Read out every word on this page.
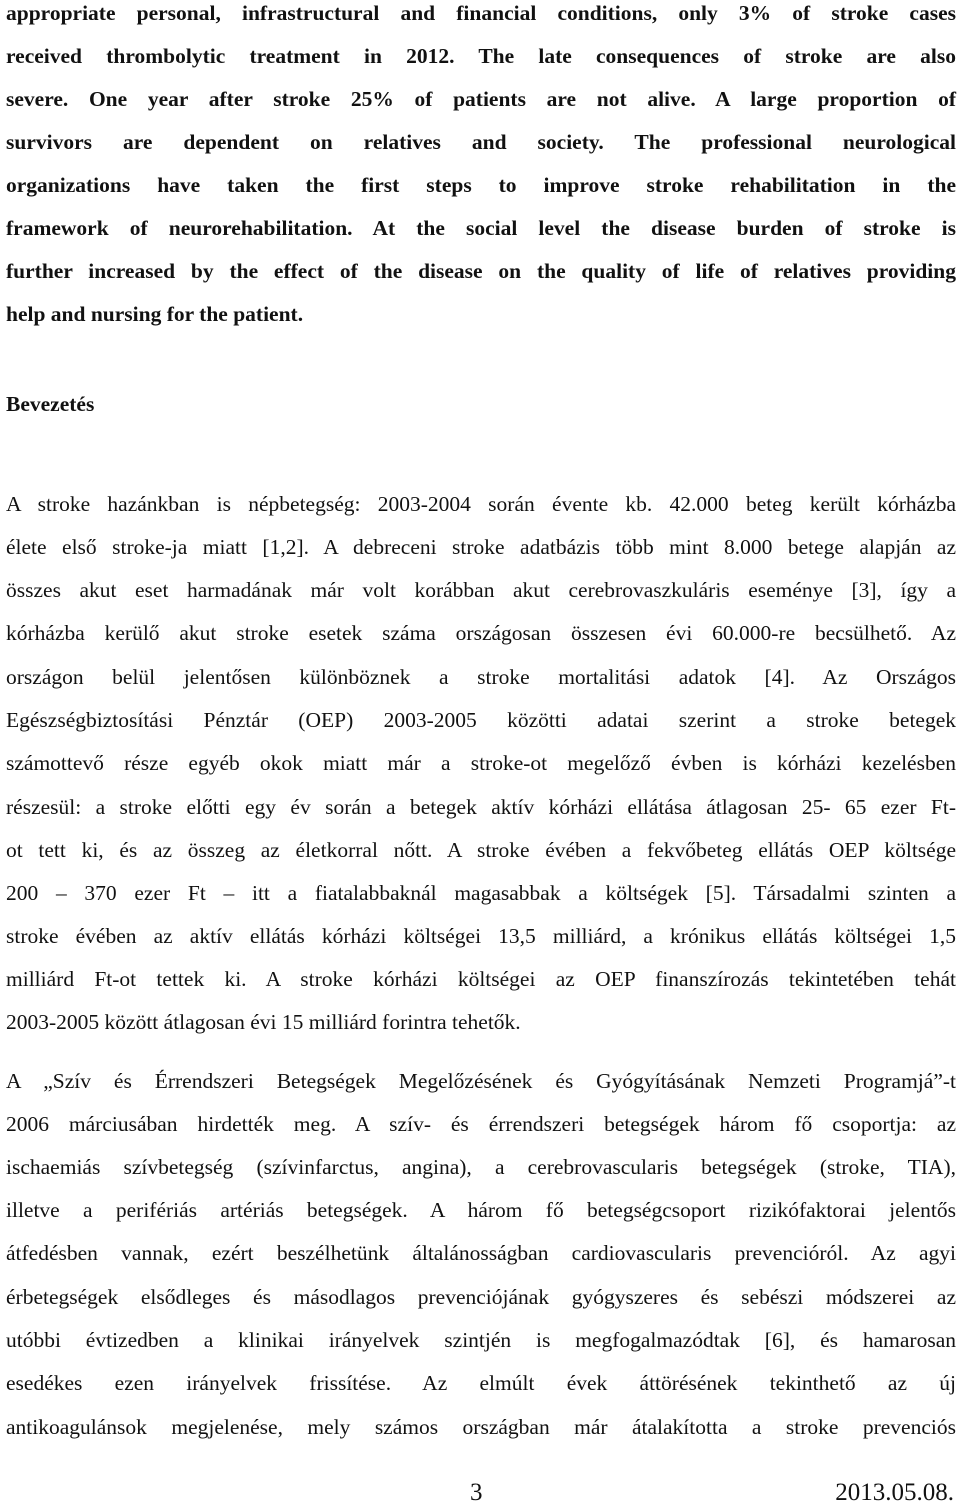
appropriate personal, infrastructural and financial conditions, only 3% of stroke cases
received thrombolytic treatment in 2012. The late consequences of stroke are also
severe. One year after stroke 25% of patients are not alive. A large proportion of
survivors are dependent on relatives and society. The professional neurological
organizations have taken the first steps to improve stroke rehabilitation in the
framework of neurorehabilitation. At the social level the disease burden of stroke is
further increased by the effect of the disease on the quality of life of relatives providing
help and nursing for the patient.
Bevezetés
A stroke hazánkban is népbetegség: 2003-2004 során évente kb. 42.000 beteg került kórházba
élete első stroke-ja miatt [1,2]. A debreceni stroke adatbázis több mint 8.000 betege alapján az
összes akut eset harmadának már volt korábban akut cerebrovaszkuláris eseménye [3], így a
kórházba kerülő akut stroke esetek száma országosan összesen évi 60.000-re becsülhető. Az
országon belül jelentősen különböznek a stroke mortalitási adatok [4]. Az Országos
Egészségbiztosítási Pénztár (OEP) 2003-2005 közötti adatai szerint a stroke betegek
számottevő része egyéb okok miatt már a stroke-ot megelőző évben is kórházi kezelésben
részesül: a stroke előtti egy év során a betegek aktív kórházi ellátása átlagosan 25- 65 ezer Ft-
ot tett ki, és az összeg az életkorral nőtt. A stroke évében a fekvőbeteg ellátás OEP költsége
200 – 370 ezer Ft – itt a fiatalabbaknál magasabbak a költségek [5]. Társadalmi szinten a
stroke évében az aktív ellátás kórházi költségei 13,5 milliárd, a krónikus ellátás költségei 1,5
milliárd Ft-ot tettek ki. A stroke kórházi költségei az OEP finanszírozás tekintetében tehát
2003-2005 között átlagosan évi 15 milliárd forintra tehetők.
A „Szív és Érrendszeri Betegségek Megelőzésének és Gyógyításának Nemzeti Programjá”-t
2006 márciusában hirdették meg. A szív- és érrendszeri betegségek három fő csoportja: az
ischaemiás szívbetegség (szívinfarctus, angina), a cerebrovascularis betegségek (stroke, TIA),
illetve a perifériás artériás betegségek. A három fő betegségcsoport rizikófaktorai jelentős
átfedésben vannak, ezért beszélhetünk általánosságban cardiovascularis prevencióról. Az agyi
érbetegségek elsődleges és másodlagos prevenciójának gyógyszeres és sebészi módszerei az
utóbbi évtizedben a klinikai irányelvek szintjén is megfogalmazódtak [6], és hamarosan
esedékes ezen irányelvek frissítése. Az elmúlt évek áttörésének tekinthető az új
antikoagulánsok megjelenése, mely számos országban már átalakította a stroke prevenciós
3	2013.05.08.
